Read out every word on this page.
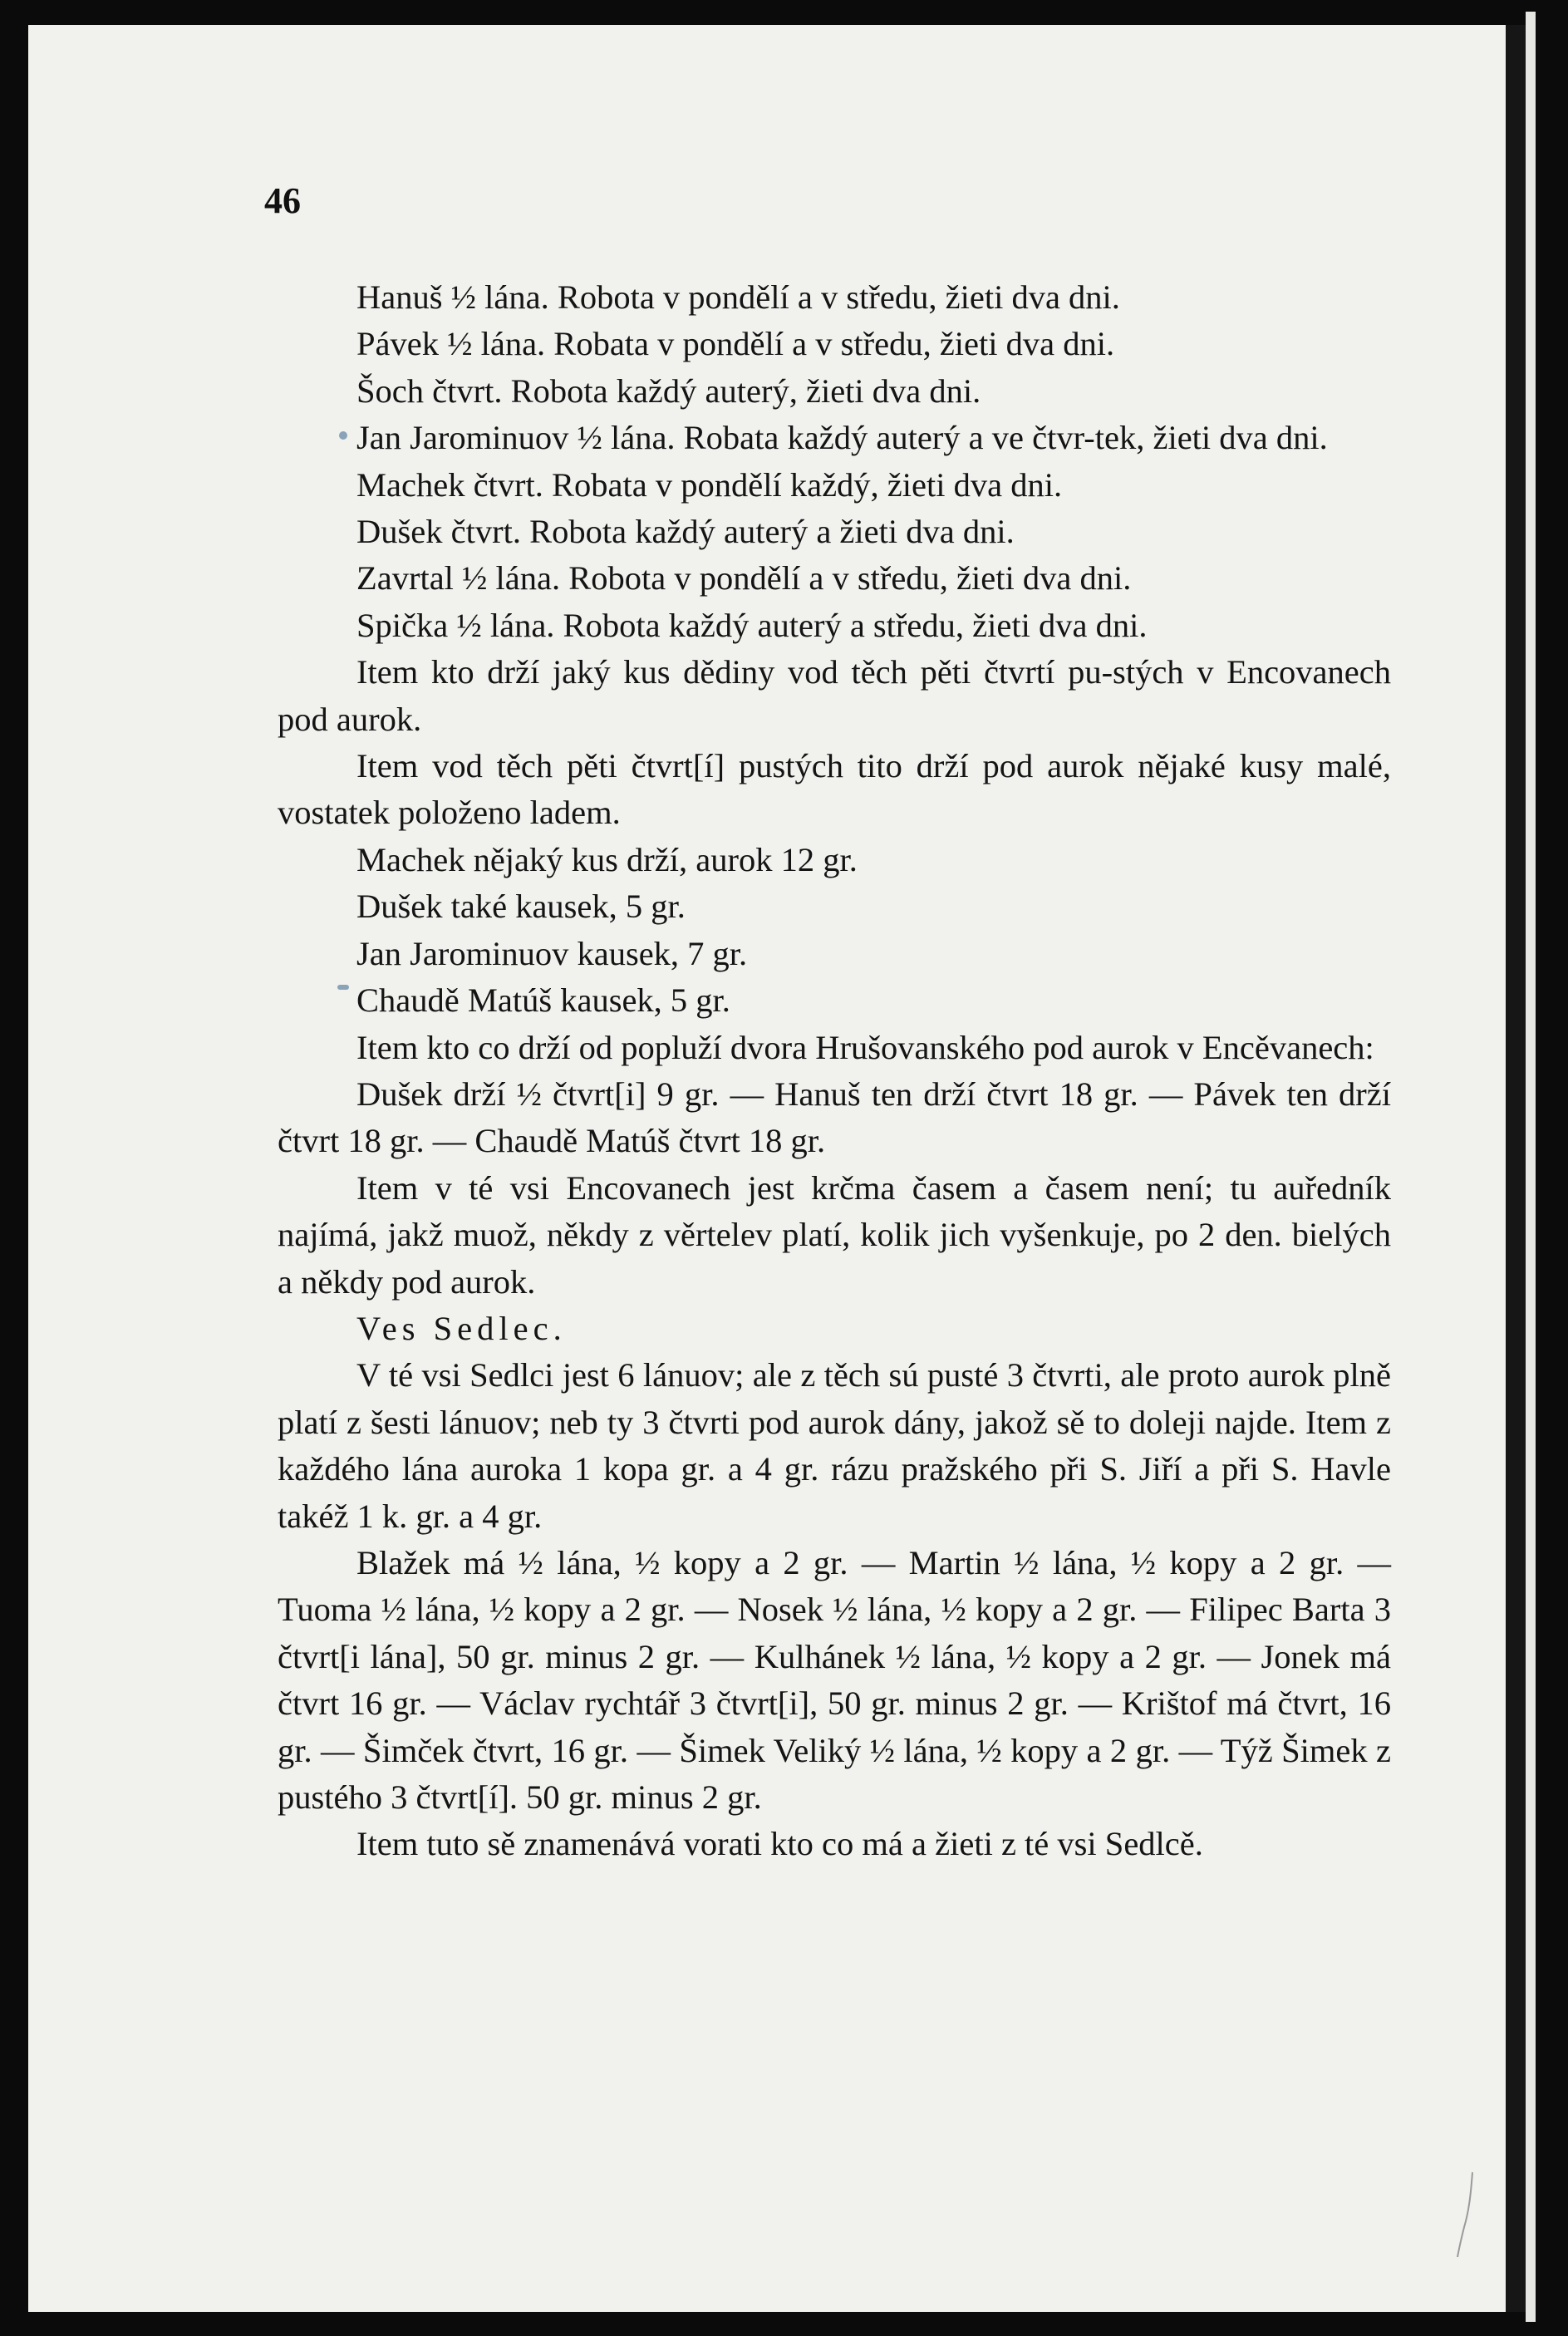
46

Hanuš ½ lána. Robota v pondělí a v středu, žieti dva dni.

Pávek ½ lána. Robata v pondělí a v středu, žieti dva dni.

Šoch čtvrt. Robota každý auterý, žieti dva dni.

Jan Jarominuov ½ lána. Robata každý auterý a ve čtvr-tek, žieti dva dni.

Machek čtvrt. Robata v pondělí každý, žieti dva dni.

Dušek čtvrt. Robota každý auterý a žieti dva dni.

Zavrtal ½ lána. Robota v pondělí a v středu, žieti dva dni.

Spička ½ lána. Robota každý auterý a středu, žieti dva dni.

Item kto drží jaký kus dědiny vod těch pěti čtvrtí pu-stých v Encovanech pod aurok.

Item vod těch pěti čtvrt[í] pustých tito drží pod aurok nějaké kusy malé, vostatek položeno ladem.

Machek nějaký kus drží, aurok 12 gr.

Dušek také kausek, 5 gr.

Jan Jarominuov kausek, 7 gr.

Chaudě Matúš kausek, 5 gr.

Item kto co drží od popluží dvora Hrušovanského pod aurok v Encěvanech:

Dušek drží ½ čtvrt[i] 9 gr. — Hanuš ten drží čtvrt 18 gr. — Pávek ten drží čtvrt 18 gr. — Chaudě Matúš čtvrt 18 gr.

Item v té vsi Encovanech jest krčma časem a časem není; tu auředník najímá, jakž muož, někdy z věrtelev platí, kolik jich vyšenkuje, po 2 den. bielých a někdy pod aurok.

Ves Sedlec.

V té vsi Sedlci jest 6 lánuov; ale z těch sú pusté 3 čtvrti, ale proto aurok plně platí z šesti lánuov; neb ty 3 čtvrti pod aurok dány, jakož sě to doleji najde. Item z každého lána auroka 1 kopa gr. a 4 gr. rázu pražského při S. Jiří a při S. Havle takéž 1 k. gr. a 4 gr.

Blažek má ½ lána, ½ kopy a 2 gr. — Martin ½ lána, ½ kopy a 2 gr. — Tuoma ½ lána, ½ kopy a 2 gr. — Nosek ½ lána, ½ kopy a 2 gr. — Filipec Barta 3 čtvrt[i lána], 50 gr. minus 2 gr. — Kulhánek ½ lána, ½ kopy a 2 gr. — Jonek má čtvrt 16 gr. — Václav rychtář 3 čtvrt[i], 50 gr. minus 2 gr. — Krištof má čtvrt, 16 gr. — Šimček čtvrt, 16 gr. — Šimek Veliký ½ lána, ½ kopy a 2 gr. — Týž Šimek z pustého 3 čtvrt[í]. 50 gr. minus 2 gr.

Item tuto sě znamenává vorati kto co má a žieti z té vsi Sedlcě.
